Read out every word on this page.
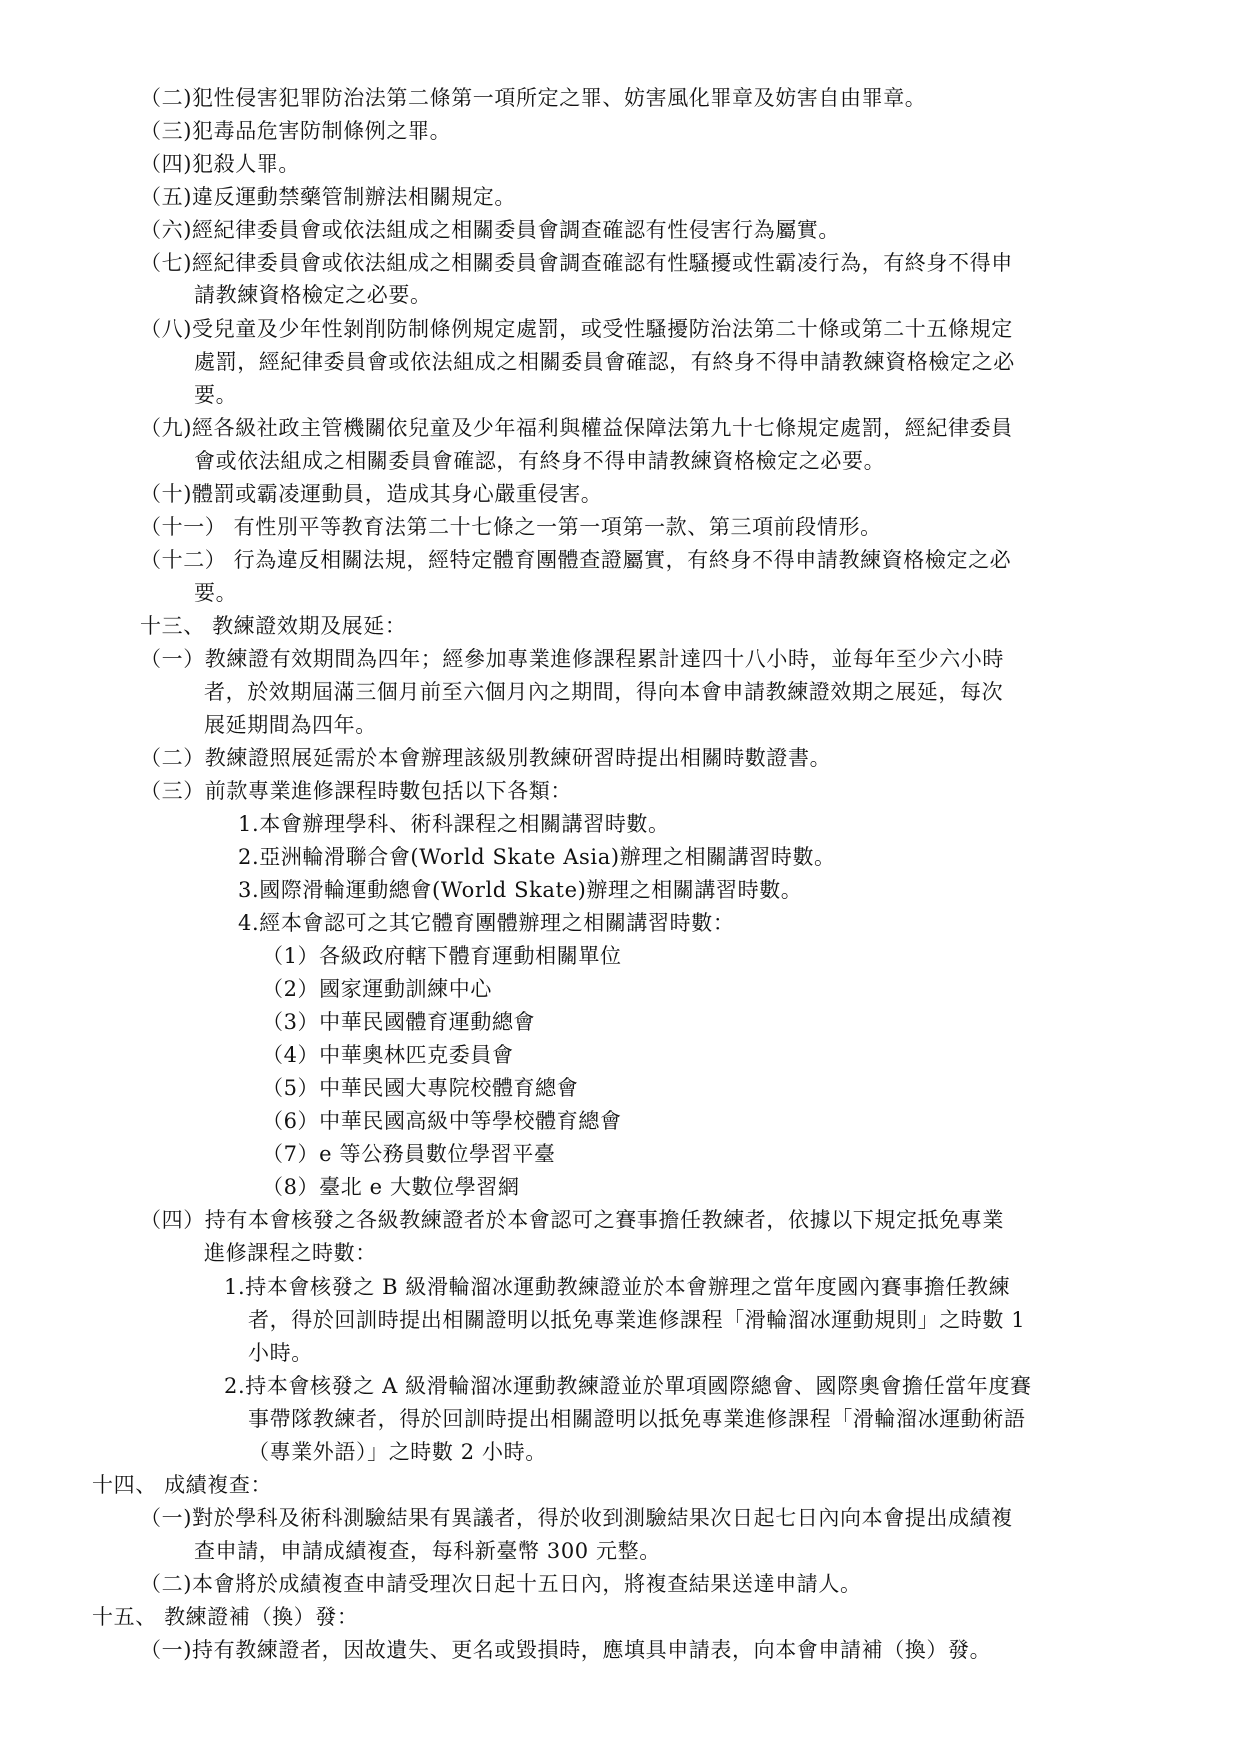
（二)犯性侵害犯罪防治法第二條第一項所定之罪、妨害風化罪章及妨害自由罪章。
（三)犯毒品危害防制條例之罪。
（四)犯殺人罪。
（五)違反運動禁藥管制辦法相關規定。
（六)經紀律委員會或依法組成之相關委員會調查確認有性侵害行為屬實。
（七)經紀律委員會或依法組成之相關委員會調查確認有性騷擾或性霸凌行為，有終身不得申
請教練資格檢定之必要。
（八)受兒童及少年性剝削防制條例規定處罰，或受性騷擾防治法第二十條或第二十五條規定
處罰，經紀律委員會或依法組成之相關委員會確認，有終身不得申請教練資格檢定之必
要。
（九)經各級社政主管機關依兒童及少年福利與權益保障法第九十七條規定處罰，經紀律委員
會或依法組成之相關委員會確認，有終身不得申請教練資格檢定之必要。
（十)體罰或霸凌運動員，造成其身心嚴重侵害。
（十一） 有性別平等教育法第二十七條之一第一項第一款、第三項前段情形。
（十二） 行為違反相關法規，經特定體育團體查證屬實，有終身不得申請教練資格檢定之必
要。
十三、 教練證效期及展延：
（一）教練證有效期間為四年；經參加專業進修課程累計達四十八小時，並每年至少六小時
者，於效期屆滿三個月前至六個月內之期間，得向本會申請教練證效期之展延，每次
展延期間為四年。
（二）教練證照展延需於本會辦理該級別教練研習時提出相關時數證書。
（三）前款專業進修課程時數包括以下各類：
1.本會辦理學科、術科課程之相關講習時數。
2.亞洲輪滑聯合會(World Skate Asia)辦理之相關講習時數。
3.國際滑輪運動總會(World Skate)辦理之相關講習時數。
4.經本會認可之其它體育團體辦理之相關講習時數：
（1）各級政府轄下體育運動相關單位
（2）國家運動訓練中心
（3）中華民國體育運動總會
（4）中華奧林匹克委員會
（5）中華民國大專院校體育總會
（6）中華民國高級中等學校體育總會
（7）e 等公務員數位學習平臺
（8）臺北 e 大數位學習網
（四）持有本會核發之各級教練證者於本會認可之賽事擔任教練者，依據以下規定抵免專業
進修課程之時數：
1.持本會核發之 B 級滑輪溜冰運動教練證並於本會辦理之當年度國內賽事擔任教練
者，得於回訓時提出相關證明以抵免專業進修課程「滑輪溜冰運動規則」之時數 1
小時。
2.持本會核發之 A 級滑輪溜冰運動教練證並於單項國際總會、國際奧會擔任當年度賽
事帶隊教練者，得於回訓時提出相關證明以抵免專業進修課程「滑輪溜冰運動術語
（專業外語）」之時數 2 小時。
十四、 成績複查：
（一)對於學科及術科測驗結果有異議者，得於收到測驗結果次日起七日內向本會提出成績複
查申請，申請成績複查，每科新臺幣 300 元整。
（二)本會將於成績複查申請受理次日起十五日內，將複查結果送達申請人。
十五、 教練證補（換）發：
（一)持有教練證者，因故遺失、更名或毀損時，應填具申請表，向本會申請補（換）發。
